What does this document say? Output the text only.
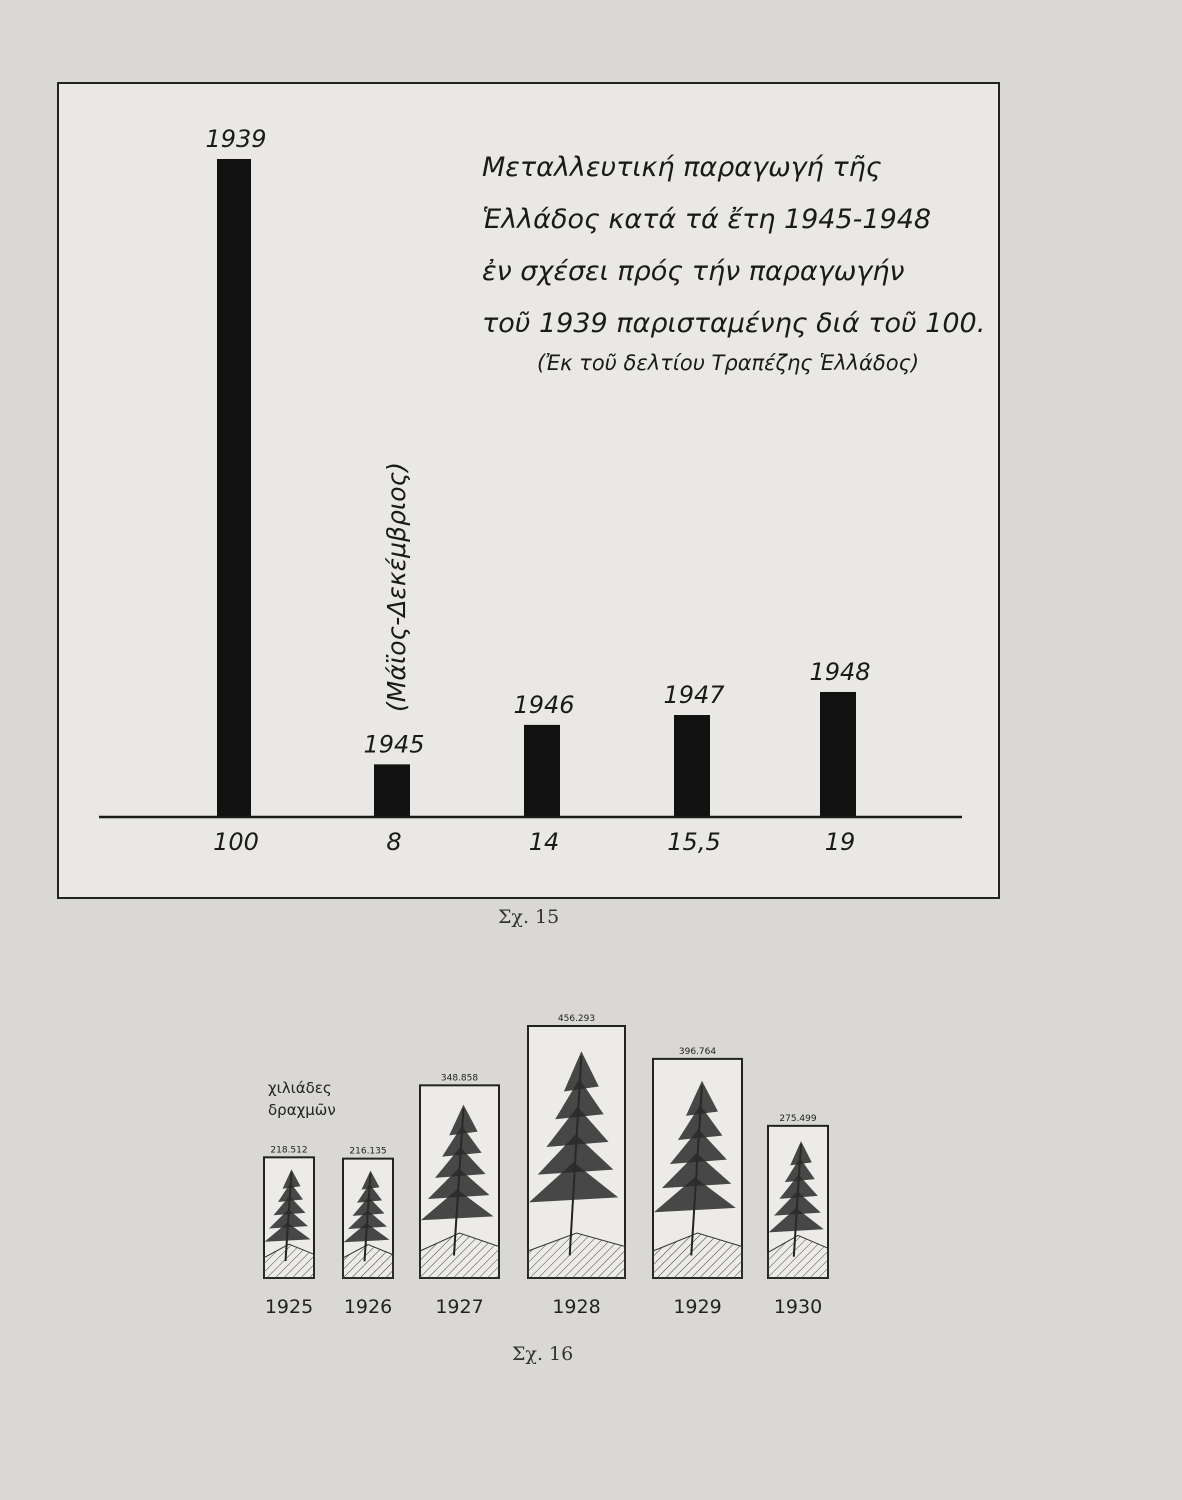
Μεταλλευτική παραγωγή τῆς
Ἑλλάδος κατά τά ἔτη 1945-1948
ἐν σχέσει πρός τήν παραγωγήν
τοῦ 1939 παρισταμένης διά τοῦ 100.
(Ἐκ τοῦ δελτίου Τραπέζης Ἑλλάδος)
1939
100
1945
8
1946
14
1947
15,5
1948
19
(Μάϊος-Δεκέμβριος)
Σχ. 15
χιλιάδες
δραχμῶν
218.512
1925
216.135
1926
348.858
1927
456.293
1928
396.764
1929
275.499
1930
Σχ. 16
